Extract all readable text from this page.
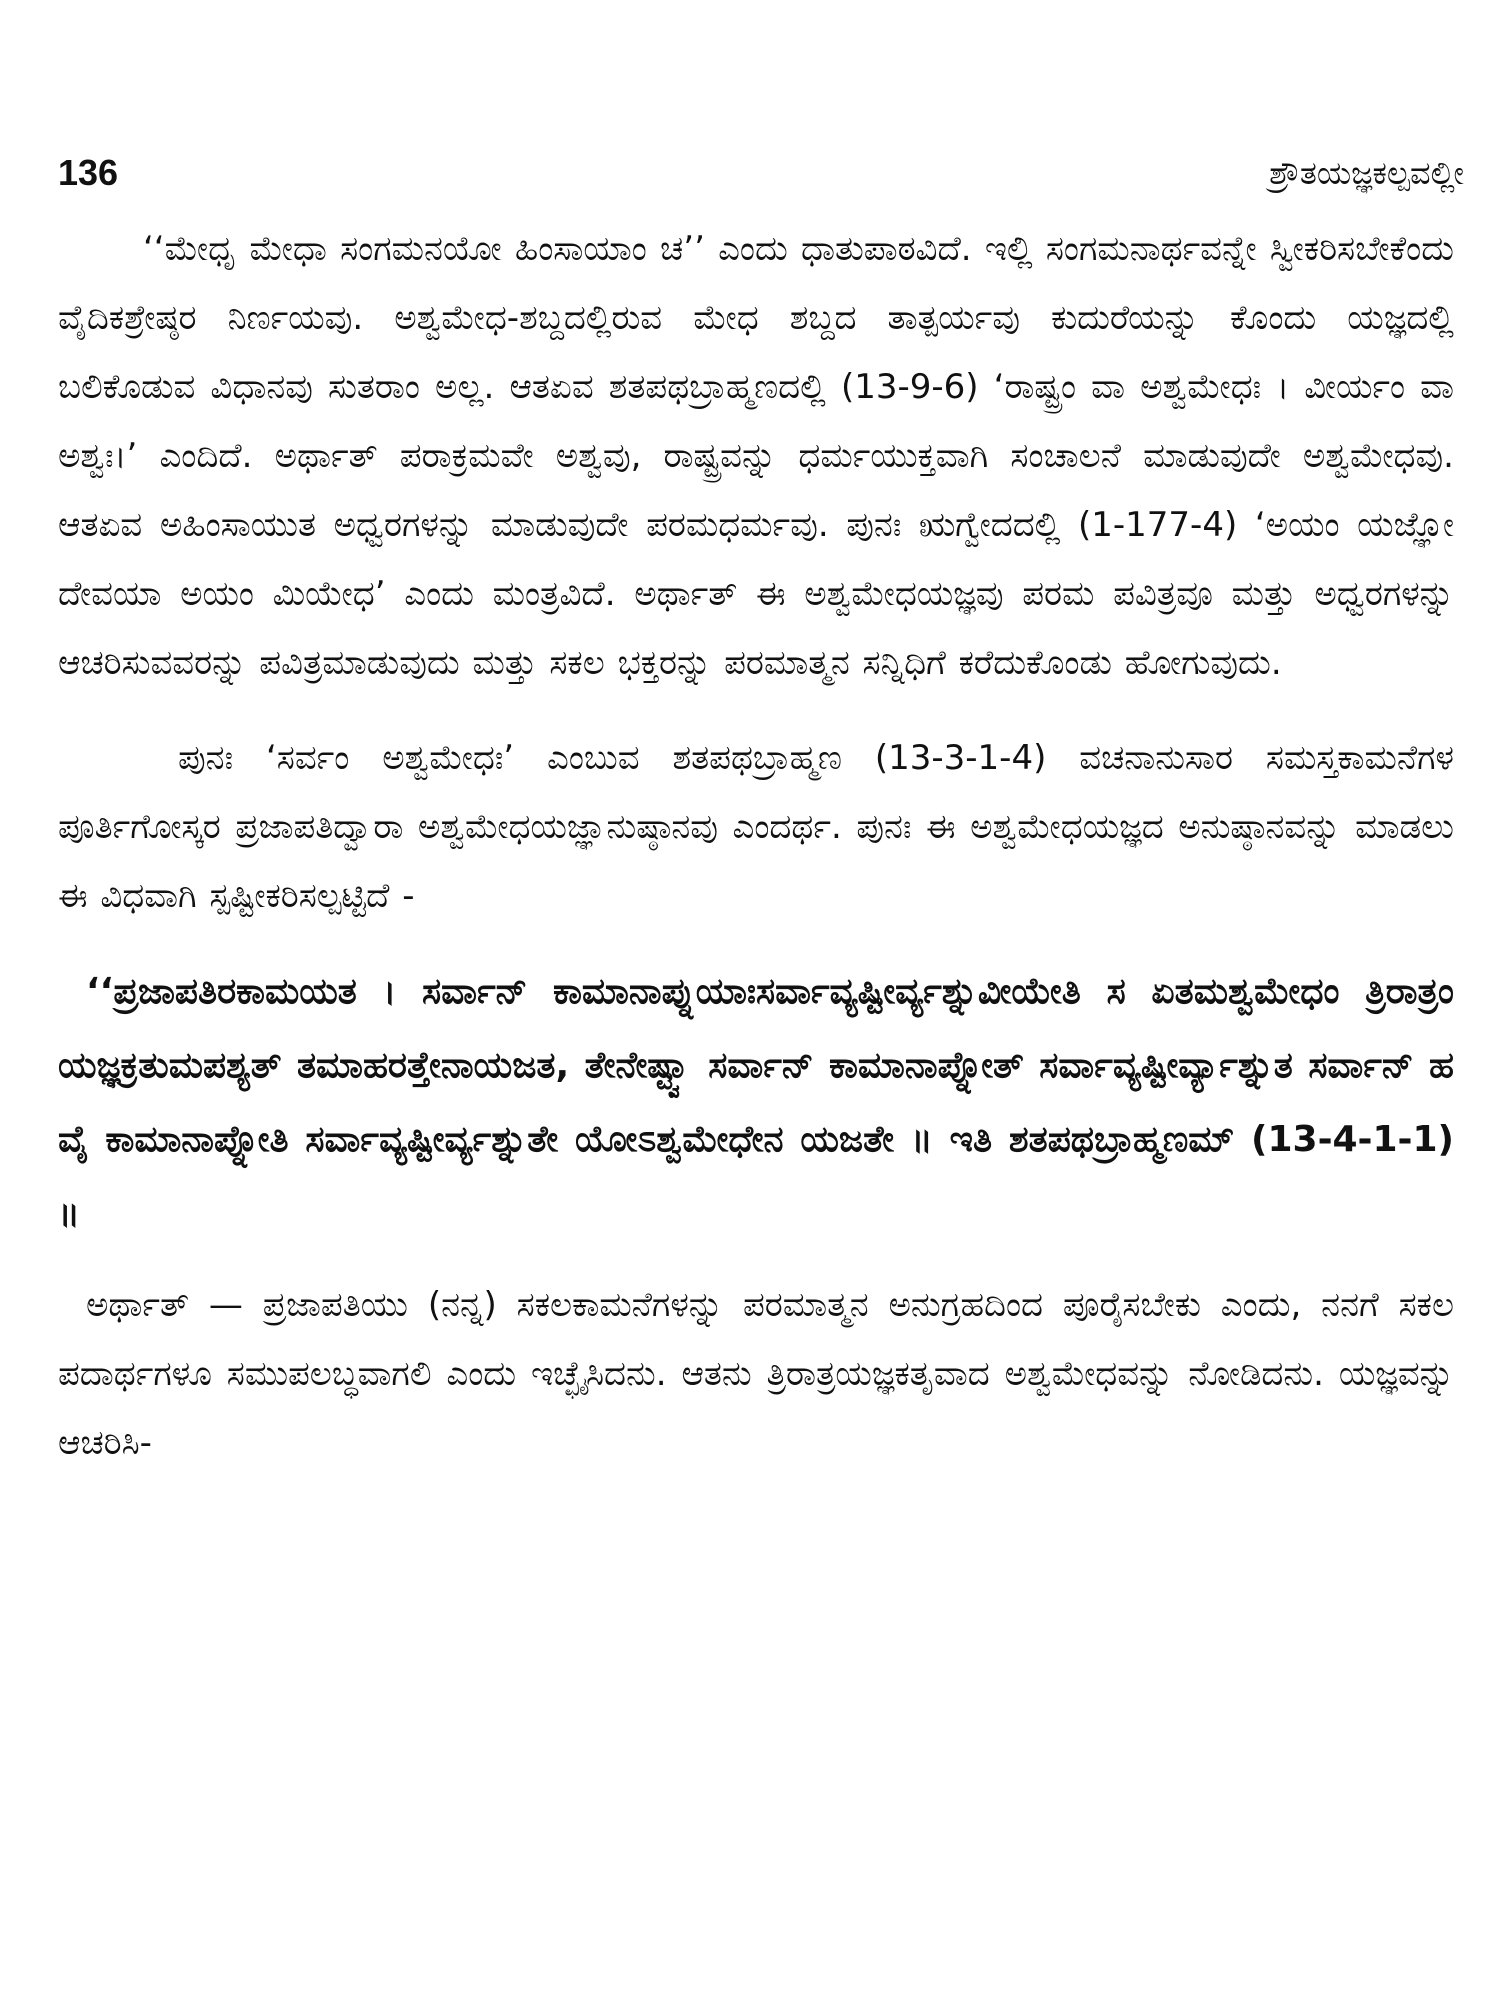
136	ಶ್ರೌತಯಜ್ಞಕಲ್ಪವಲ್ಲೀ

‘‘ಮೇಧೃ ಮೇಧಾ ಸಂಗಮನಯೋ ಹಿಂಸಾಯಾಂ ಚ’’ ಎಂದು ಧಾತುಪಾಠವಿದೆ. ಇಲ್ಲಿ ಸಂಗಮನಾರ್ಥವನ್ನೇ ಸ್ವೀಕರಿಸಬೇಕೆಂದು ವೈದಿಕಶ್ರೇಷ್ಠರ ನಿರ್ಣಯವು. ಅಶ್ವಮೇಧ-ಶಬ್ದದಲ್ಲಿರುವ ಮೇಧ ಶಬ್ದದ ತಾತ್ಪರ್ಯವು ಕುದುರೆಯನ್ನು ಕೊಂದು ಯಜ್ಞದಲ್ಲಿ ಬಲಿಕೊಡುವ ವಿಧಾನವು ಸುತರಾಂ ಅಲ್ಲ. ಆತಏವ ಶತಪಥಬ್ರಾಹ್ಮಣದಲ್ಲಿ (13-9-6) ‘ರಾಷ್ಟ್ರಂ ವಾ ಅಶ್ವಮೇಧಃ । ವೀರ್ಯಂ ವಾ ಅಶ್ವಃ।’ ಎಂದಿದೆ. ಅರ್ಥಾತ್ ಪರಾಕ್ರಮವೇ ಅಶ್ವವು, ರಾಷ್ಟ್ರವನ್ನು ಧರ್ಮಯುಕ್ತವಾಗಿ ಸಂಚಾಲನೆ ಮಾಡುವುದೇ ಅಶ್ವಮೇಧವು. ಆತಏವ ಅಹಿಂಸಾಯುತ ಅಧ್ವರಗಳನ್ನು ಮಾಡುವುದೇ ಪರಮಧರ್ಮವು. ಪುನಃ ಋಗ್ವೇದದಲ್ಲಿ (1-177-4) ‘ಅಯಂ ಯಜ್ಞೋ ದೇವಯಾ ಅಯಂ ಮಿಯೇಧ’ ಎಂದು ಮಂತ್ರವಿದೆ. ಅರ್ಥಾತ್ ಈ ಅಶ್ವಮೇಧಯಜ್ಞವು ಪರಮ ಪವಿತ್ರವೂ ಮತ್ತು ಅಧ್ವರಗಳನ್ನು ಆಚರಿಸುವವರನ್ನು ಪವಿತ್ರಮಾಡುವುದು ಮತ್ತು ಸಕಲ ಭಕ್ತರನ್ನು ಪರಮಾತ್ಮನ ಸನ್ನಿಧಿಗೆ ಕರೆದುಕೊಂಡು ಹೋಗುವುದು.

ಪುನಃ ‘ಸರ್ವಂ ಅಶ್ವಮೇಧಃ’ ಎಂಬುವ ಶತಪಥಬ್ರಾಹ್ಮಣ (13-3-1-4) ವಚನಾನುಸಾರ ಸಮಸ್ತಕಾಮನೆಗಳ ಪೂರ್ತಿಗೋಸ್ಕರ ಪ್ರಜಾಪತಿದ್ವಾರಾ ಅಶ್ವಮೇಧಯಜ್ಞಾನುಷ್ಠಾನವು ಎಂದರ್ಥ. ಪುನಃ ಈ ಅಶ್ವಮೇಧಯಜ್ಞದ ಅನುಷ್ಠಾನವನ್ನು ಮಾಡಲು ಈ ವಿಧವಾಗಿ ಸ್ಪಷ್ಟೀಕರಿಸಲ್ಪಟ್ಟಿದೆ -

‘‘ಪ್ರಜಾಪತಿರಕಾಮಯತ । ಸರ್ವಾನ್ ಕಾಮಾನಾಪ್ನುಯಾಃಸರ್ವಾವ್ಯಷ್ಟೀರ್ವ್ಯಶ್ನುವೀಯೇತಿ ಸ ಏತಮಶ್ವಮೇಧಂ ತ್ರಿರಾತ್ರಂ ಯಜ್ಞಕ್ರತುಮಪಶ್ಯತ್ ತಮಾಹರತ್ತೇನಾಯಜತ, ತೇನೇಷ್ಟ್ವಾ ಸರ್ವಾನ್ ಕಾಮಾನಾಪ್ನೋತ್ ಸರ್ವಾವ್ಯಷ್ಟೀರ್ವ್ಯಾಶ್ನುತ ಸರ್ವಾನ್ ಹ ವೈ ಕಾಮಾನಾಪ್ನೋತಿ ಸರ್ವಾವ್ಯಷ್ಟೀರ್ವ್ಯಶ್ನುತೇ ಯೋಽಶ್ವಮೇಧೇನ ಯಜತೇ ॥ ಇತಿ ಶತಪಥಬ್ರಾಹ್ಮಣಮ್ (13-4-1-1) ॥

ಅರ್ಥಾತ್ — ಪ್ರಜಾಪತಿಯು (ನನ್ನ) ಸಕಲಕಾಮನೆಗಳನ್ನು ಪರಮಾತ್ಮನ ಅನುಗ್ರಹದಿಂದ ಪೂರೈಸಬೇಕು ಎಂದು, ನನಗೆ ಸಕಲ ಪದಾರ್ಥಗಳೂ ಸಮುಪಲಬ್ಧವಾಗಲಿ ಎಂದು ಇಚ್ಛೈಸಿದನು. ಆತನು ತ್ರಿರಾತ್ರಯಜ್ಞಕತೃವಾದ ಅಶ್ವಮೇಧವನ್ನು ನೋಡಿದನು. ಯಜ್ಞವನ್ನು ಆಚರಿಸಿ-
